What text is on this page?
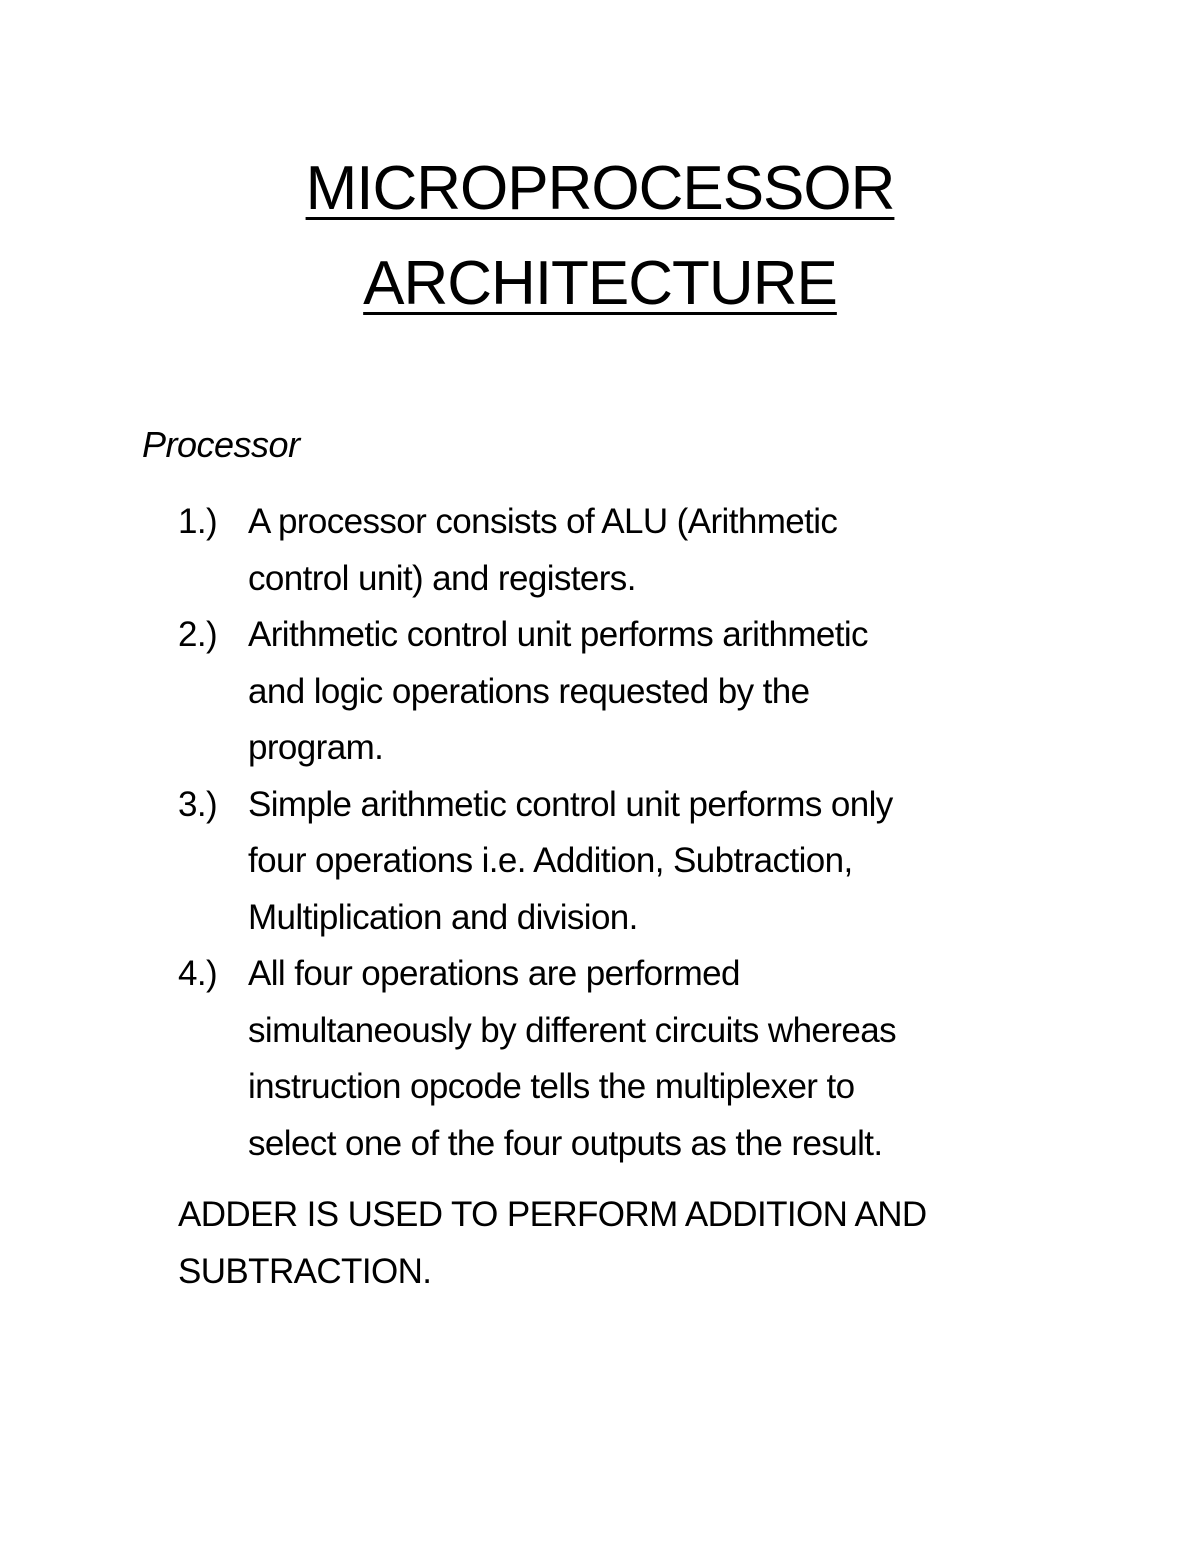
MICROPROCESSOR
ARCHITECTURE
Processor
1.) A processor consists of ALU (Arithmetic
control unit) and registers.
2.) Arithmetic control unit performs arithmetic
and logic operations requested by the
program.
3.) Simple arithmetic control unit performs only
four operations i.e. Addition, Subtraction,
Multiplication and division.
4.) All four operations are performed
simultaneously by different circuits whereas
instruction opcode tells the multiplexer to
select one of the four outputs as the result.

ADDER IS USED TO PERFORM ADDITION AND
SUBTRACTION.
